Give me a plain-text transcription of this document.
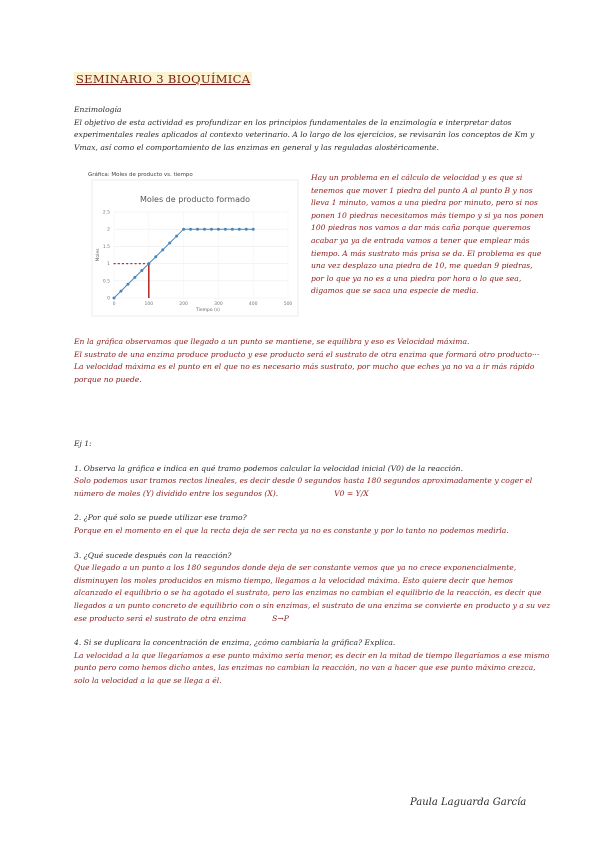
SEMINARIO 3 BIOQUÍMICA
Enzimología
El objetivo de esta actividad es profundizar en los principios fundamentales de la enzimología e interpretar datos experimentales reales aplicados al contexto veterinario. A lo largo de los ejercicios, se revisarán los conceptos de Km y Vmax, así como el comportamiento de las enzimas en general y las reguladas alostéricamente.
Gráfica: Moles de producto vs. tiempo
Moles de producto formado
Tiempo (s)
Moles
0
0.5
1
1.5
2
2.5
0	100	200	300	400	500
Hay un problema en el cálculo de velocidad y es que si tenemos que mover 1 piedra del punto A al punto B y nos lleva 1 minuto, vamos a una piedra por minuto, pero si nos ponen 10 piedras necesitamos más tiempo y si ya nos ponen 100 piedras nos vamos a dar más caña porque queremos acabar ya ya de entrada vamos a tener que emplear más tiempo. A más sustrato más prisa se da. El problema es que una vez desplazo una piedra de 10, me quedan 9 piedras, por lo que ya no es a una piedra por hora o lo que sea, digamos que se saca una especie de media.
En la gráfica observamos que llegado a un punto se mantiene, se equilibra y eso es Velocidad máxima.
El sustrato de una enzima produce producto y ese producto será el sustrato de otra enzima que formará otro producto···
La velocidad máxima es el punto en el que no es necesario más sustrato, por mucho que eches ya no va a ir más rápido porque no puede.

Ej 1:

1. Observa la gráfica e indica en qué tramo podemos calcular la velocidad inicial (V0) de la reacción.

Solo podemos usar tramos rectos lineales, es decir desde 0 segundos hasta 180 segundos aproximadamente y coger el número de moles (Y) dividido entre los segundos (X).	V0 = Y/X

2. ¿Por qué solo se puede utilizar ese tramo?

Porque en el momento en el que la recta deja de ser recta ya no es constante y por lo tanto no podemos medirla.

3. ¿Qué sucede después con la reacción?

Que llegado a un punto a los 180 segundos donde deja de ser constante vemos que ya no crece exponencialmente, disminuyen los moles producidos en mismo tiempo, llegamos a la velocidad máxima. Esto quiere decir que hemos alcanzado el equilibrio o se ha agotado el sustrato, pero las enzimas no cambian el equilibrio de la reacción, es decir que llegados a un punto concreto de equilibrio con o sin enzimas, el sustrato de una enzima se convierte en producto y a su vez ese producto será el sustrato de otra enzima	S→P

4. Si se duplicara la concentración de enzima, ¿cómo cambiaría la gráfica? Explica.

La velocidad a la que llegaríamos a ese punto máximo sería menor, es decir en la mitad de tiempo llegaríamos a ese mismo punto pero como hemos dicho antes, las enzimas no cambian la reacción, no van a hacer que ese punto máximo crezca, solo la velocidad a la que se llega a él.

Paula Laguarda García
